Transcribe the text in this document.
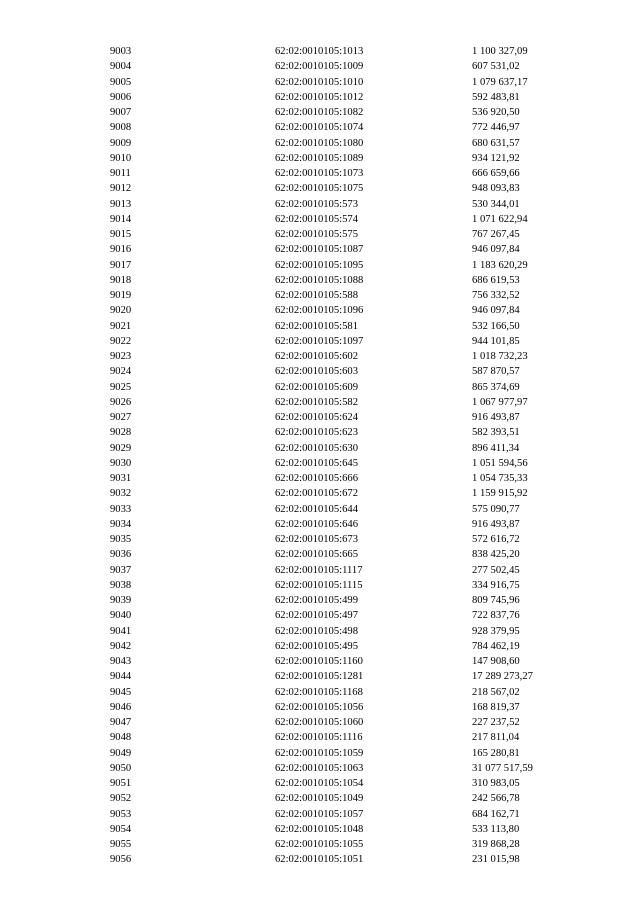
9003	62:02:0010105:1013	1 100 327,09
9004	62:02:0010105:1009	607 531,02
9005	62:02:0010105:1010	1 079 637,17
9006	62:02:0010105:1012	592 483,81
9007	62:02:0010105:1082	536 920,50
9008	62:02:0010105:1074	772 446,97
9009	62:02:0010105:1080	680 631,57
9010	62:02:0010105:1089	934 121,92
9011	62:02:0010105:1073	666 659,66
9012	62:02:0010105:1075	948 093,83
9013	62:02:0010105:573	530 344,01
9014	62:02:0010105:574	1 071 622,94
9015	62:02:0010105:575	767 267,45
9016	62:02:0010105:1087	946 097,84
9017	62:02:0010105:1095	1 183 620,29
9018	62:02:0010105:1088	686 619,53
9019	62:02:0010105:588	756 332,52
9020	62:02:0010105:1096	946 097,84
9021	62:02:0010105:581	532 166,50
9022	62:02:0010105:1097	944 101,85
9023	62:02:0010105:602	1 018 732,23
9024	62:02:0010105:603	587 870,57
9025	62:02:0010105:609	865 374,69
9026	62:02:0010105:582	1 067 977,97
9027	62:02:0010105:624	916 493,87
9028	62:02:0010105:623	582 393,51
9029	62:02:0010105:630	896 411,34
9030	62:02:0010105:645	1 051 594,56
9031	62:02:0010105:666	1 054 735,33
9032	62:02:0010105:672	1 159 915,92
9033	62:02:0010105:644	575 090,77
9034	62:02:0010105:646	916 493,87
9035	62:02:0010105:673	572 616,72
9036	62:02:0010105:665	838 425,20
9037	62:02:0010105:1117	277 502,45
9038	62:02:0010105:1115	334 916,75
9039	62:02:0010105:499	809 745,96
9040	62:02:0010105:497	722 837,76
9041	62:02:0010105:498	928 379,95
9042	62:02:0010105:495	784 462,19
9043	62:02:0010105:1160	147 908,60
9044	62:02:0010105:1281	17 289 273,27
9045	62:02:0010105:1168	218 567,02
9046	62:02:0010105:1056	168 819,37
9047	62:02:0010105:1060	227 237,52
9048	62:02:0010105:1116	217 811,04
9049	62:02:0010105:1059	165 280,81
9050	62:02:0010105:1063	31 077 517,59
9051	62:02:0010105:1054	310 983,05
9052	62:02:0010105:1049	242 566,78
9053	62:02:0010105:1057	684 162,71
9054	62:02:0010105:1048	533 113,80
9055	62:02:0010105:1055	319 868,28
9056	62:02:0010105:1051	231 015,98
